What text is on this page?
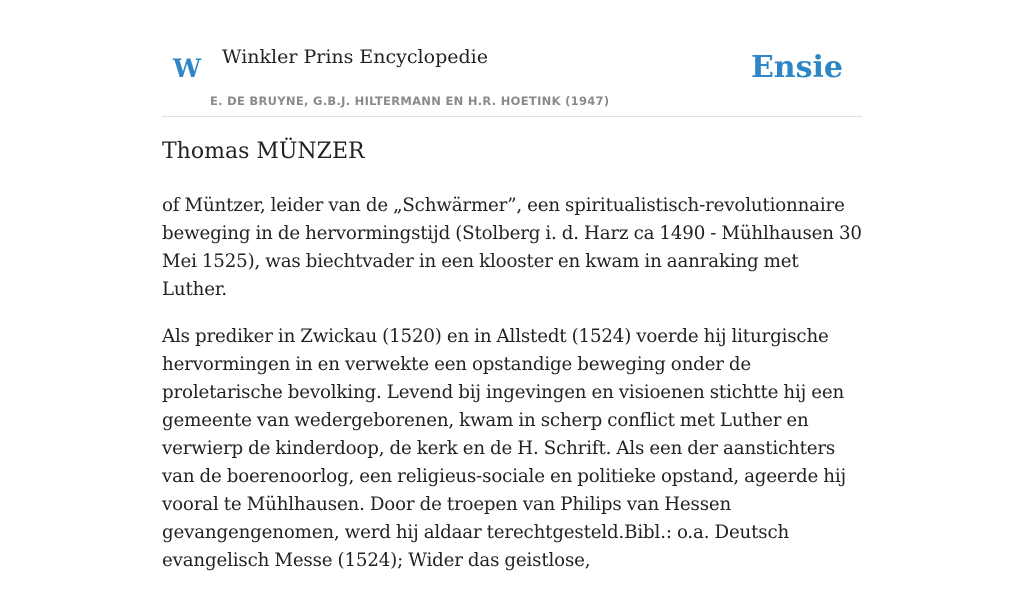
W Winkler Prins Encyclopedie
E. DE BRUYNE, G.B.J. HILTERMANN EN H.R. HOETINK (1947)
Ensie
Thomas MÜNZER

of Müntzer, leider van de „Schwärmer”, een spiritualistisch-revolutionnaire beweging in de hervormingstijd (Stolberg i. d. Harz ca 1490 - Mühlhausen 30 Mei 1525), was biechtvader in een klooster en kwam in aanraking met Luther.

Als prediker in Zwickau (1520) en in Allstedt (1524) voerde hij liturgische hervormingen in en verwekte een opstandige beweging onder de proletarische bevolking. Levend bij ingevingen en visioenen stichtte hij een gemeente van wedergeborenen, kwam in scherp conflict met Luther en verwierp de kinderdoop, de kerk en de H. Schrift. Als een der aanstichters van de boerenoorlog, een religieus-sociale en politieke opstand, ageerde hij vooral te Mühlhausen. Door de troepen van Philips van Hessen gevangengenomen, werd hij aldaar terechtgesteld.Bibl.: o.a. Deutsch evangelisch Messe (1524); Wider das geistlose,
